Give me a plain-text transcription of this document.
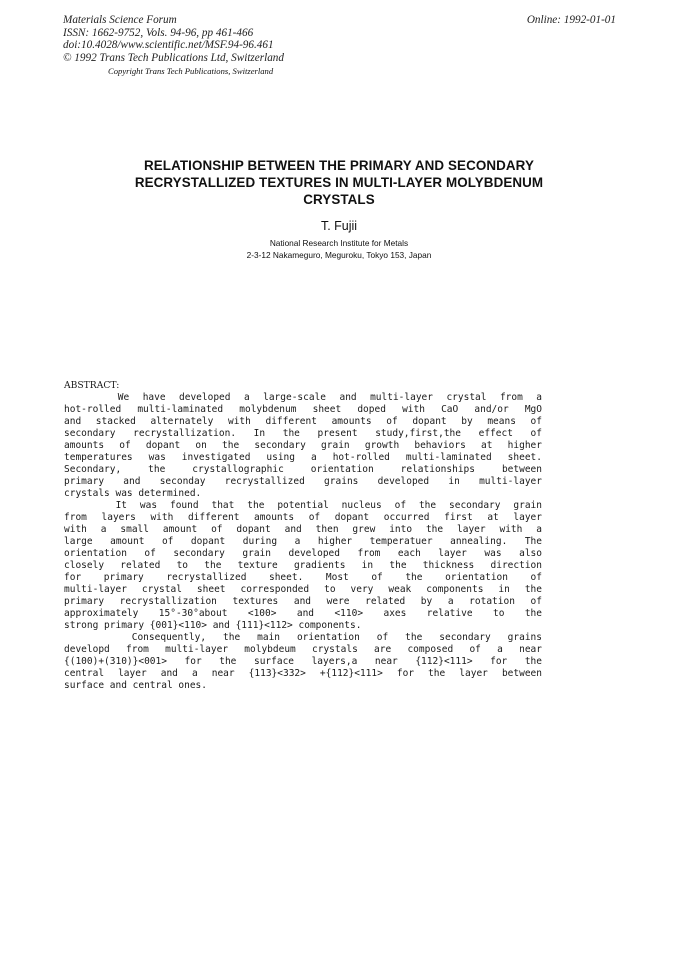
Materials Science Forum
ISSN: 1662-9752, Vols. 94-96, pp 461-466
doi:10.4028/www.scientific.net/MSF.94-96.461
© 1992 Trans Tech Publications Ltd, Switzerland
Copyright Trans Tech Publications, Switzerland
Online: 1992-01-01
RELATIONSHIP BETWEEN THE PRIMARY AND SECONDARY
RECRYSTALLIZED TEXTURES IN MULTI-LAYER MOLYBDENUM
CRYSTALS
T. Fujii
National Research Institute for Metals
2-3-12 Nakameguro, Meguroku, Tokyo 153, Japan
ABSTRACT:
We have developed a large-scale and multi-layer crystal from a
hot-rolled multi-laminated molybdenum sheet doped with CaO and/or MgO
and stacked alternately with different amounts of dopant by means of
secondary recrystallization. In the present study,first,the effect of
amounts of dopant on the secondary grain growth behaviors at higher
temperatures was investigated using a hot-rolled multi-laminated sheet.
Secondary, the crystallographic orientation relationships between
primary and seconday recrystallized grains developed in multi-layer
crystals was determined.
It was found that the potential nucleus of the secondary grain
from layers with different amounts of dopant occurred first at layer
with a small amount of dopant and then grew into the layer with a
large amount of dopant during a higher temperatuer annealing. The
orientation of secondary grain developed from each layer was also
closely related to the texture gradients in the thickness direction
for primary recrystallized sheet. Most of the orientation of
multi-layer crystal sheet corresponded to very weak components in the
primary recrystallization textures and were related by a rotation of
approximately 15°-30°about <100> and <110> axes relative to the
strong primary {001}<110> and {111}<112> components.
Consequently, the main orientation of the secondary grains
developd from multi-layer molybdeum crystals are composed of a near
{(100)+(310)}<001> for the surface layers,a near {112}<111> for the
central layer and a near {113}<332> +{112}<111> for the layer between
surface and central ones.
